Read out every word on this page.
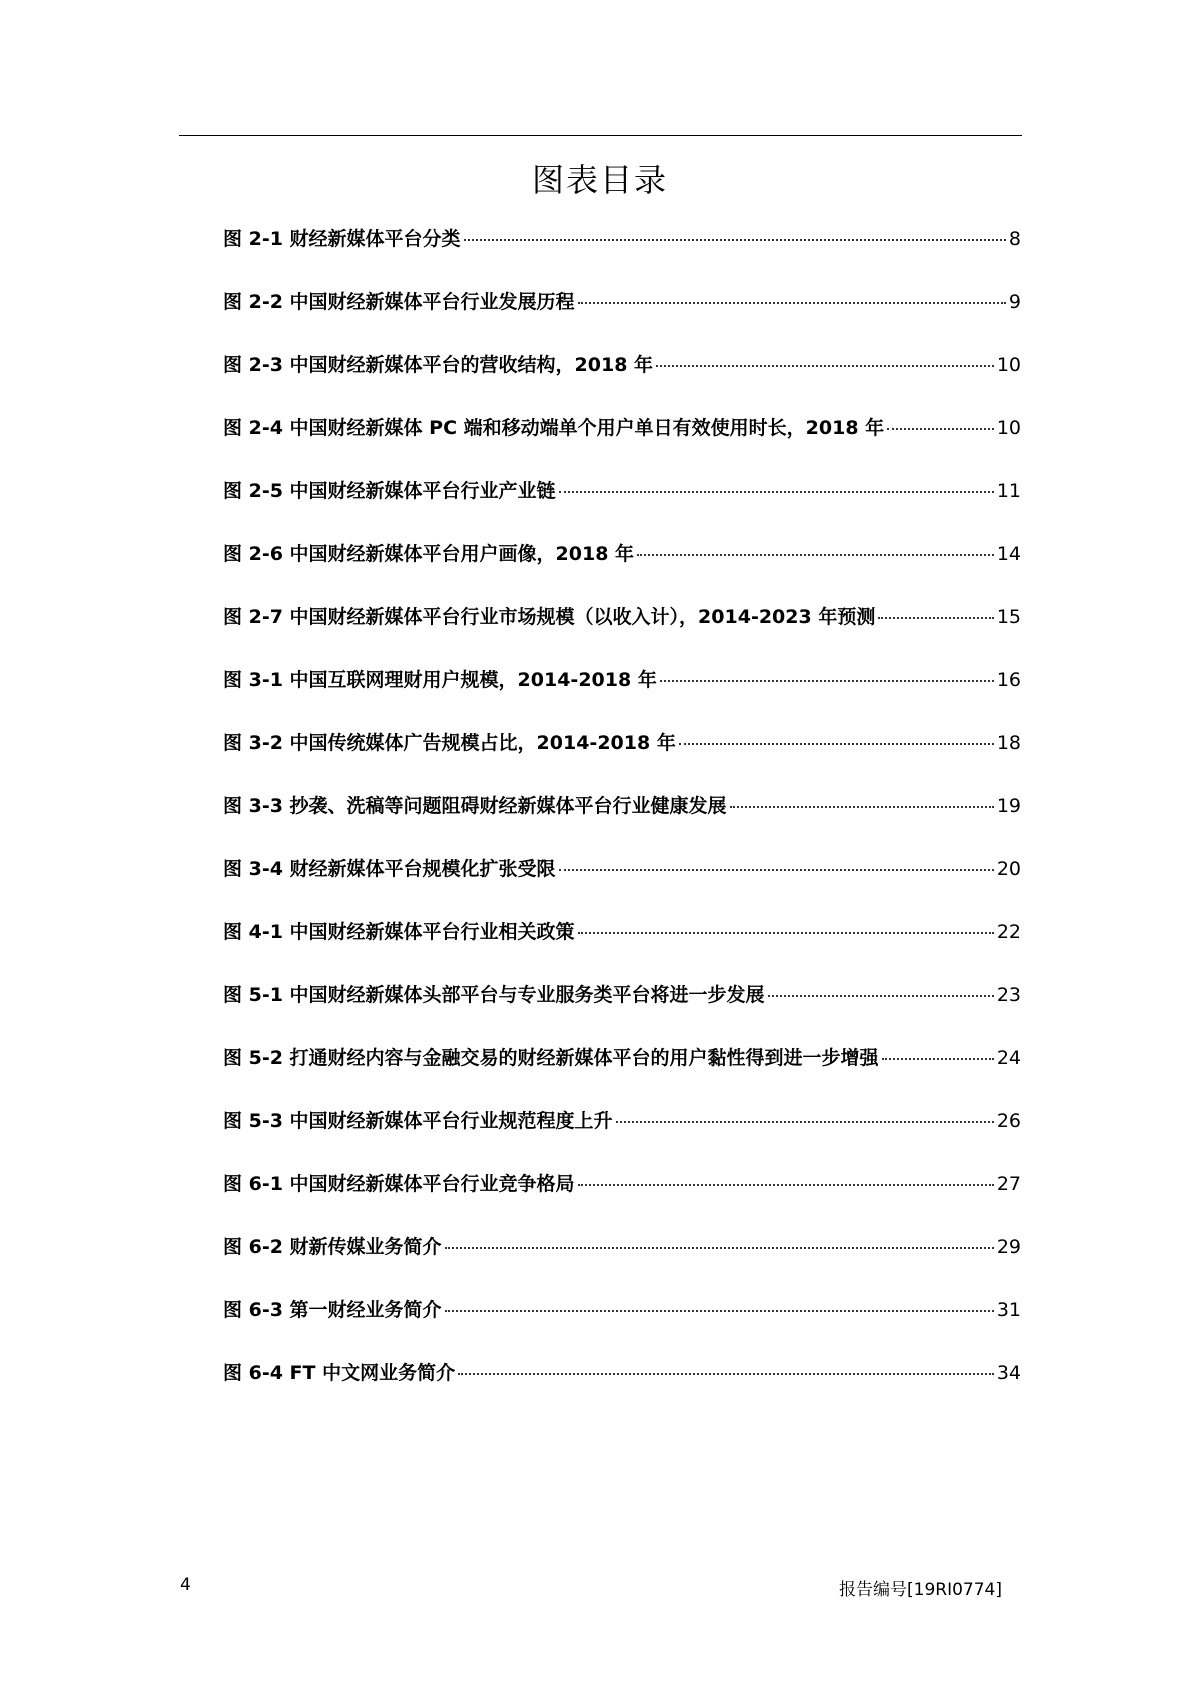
图表目录
图 2-1 财经新媒体平台分类	8
图 2-2 中国财经新媒体平台行业发展历程	9
图 2-3 中国财经新媒体平台的营收结构，2018 年	10
图 2-4 中国财经新媒体 PC 端和移动端单个用户单日有效使用时长，2018 年	10
图 2-5 中国财经新媒体平台行业产业链	11
图 2-6 中国财经新媒体平台用户画像，2018 年	14
图 2-7 中国财经新媒体平台行业市场规模（以收入计），2014-2023 年预测	15
图 3-1 中国互联网理财用户规模，2014-2018 年	16
图 3-2 中国传统媒体广告规模占比，2014-2018 年	18
图 3-3 抄袭、洗稿等问题阻碍财经新媒体平台行业健康发展	19
图 3-4 财经新媒体平台规模化扩张受限	20
图 4-1 中国财经新媒体平台行业相关政策	22
图 5-1 中国财经新媒体头部平台与专业服务类平台将进一步发展	23
图 5-2 打通财经内容与金融交易的财经新媒体平台的用户黏性得到进一步增强	24
图 5-3 中国财经新媒体平台行业规范程度上升	26
图 6-1 中国财经新媒体平台行业竞争格局	27
图 6-2 财新传媒业务简介	29
图 6-3 第一财经业务简介	31
图 6-4 FT 中文网业务简介	34
4	报告编号[19RI0774]
